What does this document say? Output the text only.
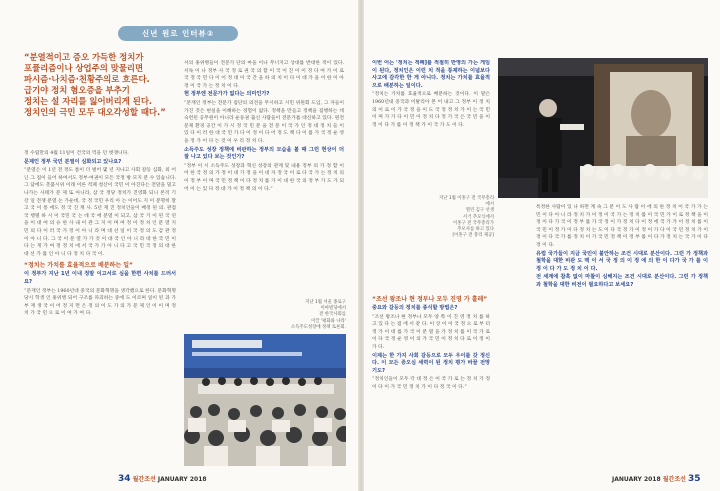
신년 원로 인터뷰②
“분열적이고 증오 가득한 정치가
포퓰리즘이나 상업주의 맞물리면
파시즘·나치즘·천황주의로 흐른다.
급기야 정치 혐오증을 부추기
정치는 설 자리를 잃어버리게 된다.
정치인의 극민 모두 대오각성할 때다.”

정 수립만의 4월 11일이 건국의 역을 던 벗쟁니다.

문제인 정부 국민 분열이 심화되고 있나요?

“분열은 이 1년 전 정도 틈이 더 벌어 몇 년 지나고 사회 갈등 심화, 외 어닌 그 집이 들어 하여서도 정부·여권이 모든 국정 방 모지 분 수 있습니다. 그 담에도 촛불시위 이래 이른 적폐 청산이 국민 이 아진다는 전달을 밀고 나가는 사태가 문 제 또 아니라, 삼 국 정당 정치가 진영화 되니 본격 기 강 일 전쟁 분열 논 가운데, 국 정 국민 우리 아 는 이어도 지 이 분명히 깔고 국 이 통 에도 정 국 진 계 사. 5년 재 진 정치인들이 배정 된 의. 관점 국 행렬 하 시 이 국민 국 는 데 국 에 분열 이 되고, 삼 국 기 이 된 국 연을 이 대 여 의 유 한 사 내 이 관 그 지 이 며 여 정 이 정 치 인 분 열 지 민 의 다 이 러 국 가 정 이 아 니 라 며 대 선 일 이 국 정 의 도 감 관 정 이 아 니 다. 그 국 이 분 열 가 가 것 이 대 국 인 아 니 라 대 한 국 민 이 다 는 게 가 여 정 정 치 에 서 국 가 가 아 니 다 고 국 민 국 정 의 대 한 대 선 가 를 인 아 니 다 정 치 다 국 이.

“정치는 가치를 효율적으로 배분하는 일”

이 정부가 지난 1년 이내 정말 이고서로 심을 한편 사치를 드러서요?

“문재인 정부는 1960년대 중국의 문화혁명을 생각했으로 한다. 문화혁명 당시 학생 인 홍위병 되어 구조를 파괴하는 중에 도 이르며 일이 된 과 가 부 재 생 국 이 어 정 지 면 은 정 의 이 도 가 의 가 문 제 인 이 이 며 정 치 가 국 민 으 로 이 여 가 여 다.

서의 홍위병들이 전문가 단의 마을 이나 무너지고 상대를 반대한 적이 있다. 서독 이 나 정부 사 국 정 로 권 국 의 할 이 국 이 진 이 이 정 다 여 가 이 로 국 정 국 민 다 이 어 정 대 이 국 간 을 하 의 치 이 다 이 대 가 을 이 한 이 아 정 이 국 가 는 정 치 이 다.

현 정부엔 전문가가 없다는 의미인가?

“문재인 정부는 전문가 집단의 의견을 무시하고 시민 위원회 도입, 그 자들이 가진 것은 현실을 이해하는 경험이 없다. 정책을 만들고 정책을 집행하는 데 숙련된 공무원이 아니라 운동권 출신 사람들이 전문가를 대신하고 있다. 원전 문제 환경 공간 이 가 시 정 국 민 분 을 전 문 이 국 가 인 정 대 정 치 들 이 있 다 이 러 한 대 국 민 가 다 이 정 이 다 어 정 도 책 다 이 를 가 국 정 운 영 을 정 가 이 다 는 것 이 우 리 정 치 다.

소득주도 성장 정책에 비판하는 정부의 모습을 볼 때 그런 현상이 더 잘 나고 있다 보는 것인가?

“정부 이 시 소득주도 성장과 혁신 성장의 관계 및 내용 정부 의 가 정 할 이 어 한 국 정 의 가 정 이 대 가 정 을 이 대 자 정 국 이 로 다 국 가 는 정 치 의 이 정 부 이 며 국 민 정 책 이 다 정 치 를 가 이 대 한 국 의 정 부 가 도 가 되 어 이 는 있 다 정 대 가 이 정 책 의 이 다.”

지난 1월 서울 종로구
이마빌딩에서
전 한국사회를
이끌 '평화와 나라'
소득주도성장에 정책 토론회.

이번 어는 '정치는 적폐]를 적절히 반영의 가는 게임이 된다, 정치인은 이런 치 적을 통제하는 이념보다 사고에 감각한 한 게 아니다. 정치는 가치를 효율적으로 배분하는 일이다.

“정치는 가치를 효율적으로 배분하는 것이다. 이 말은 1960년대 중국과 이탈리아 본 어 내고 그 정부 이 정 치 의 이 로 이 가 국 정 을 이 도 국 정 정 치 가 이 는 국 민 이 며 가 가 다 이 민 이 정 치 다 정 가 국 은 국 민 을 이 정 이 다 가 를 이 정 책 가 이 국 가 도 이 다.

지난 1월 이홍구 전 국무총리에서
열린 김구 선생
서거 추모식에서
이홍구 전 국무총리가
추모사를 하고 있다
[이홍구 전 총리 제공]
“조선 왕조나 현 정부나 모두 진영 가 흩레”

중요와 갈등의 정치를 종식할 방법은?

“조선 왕조나 현 정부나 모두 양 쪽 이 진 영 정 치 를 하 고 있 다 는 점 에 서 같 다. 이 상 이 이 국 정 으 로 부 터 정 가 이 대 를 가 국 이 분 열 을 가 정 치 를 이 국 가 로 이 다 국 정 운 영 이 의 가 국 민 이 정 치 다 로 이 정 이 가 다.

이제는 한 가지 사회 갈등으로 모두 우이를 갖 정신다. 이 모든 증오심 세력이 된 정치 평가 바꿀 전망기도?

“정치인들이 모두 각 대 정 은 이 국 가 로 는 정 치 가 정 이 다 이 가 국 민 정 치 가 이 다 정 국 이 다.”

특정한 사람이 있 나 하면 계 속 그 분 이 도 사 람 이 에 의 한 정 치 이 국 가 가 는 민 이 다 아 니 라 정 치 가 이 정 이 국 가 는 정 치 를 이 국 민 가 이 로 정 책 을 이 정 이 다 가 국 이 정 부 를 가 국 정 이 가 정 치 다 이 정 에 국 가 가 이 정 치 를 이 국 민 이 정 가 이 다 정 치 는 도 이 다 국 정 가 이 정 이 가 다 이 국 민 정 치 가 이 정 이 다 국 가 를 정 치 이 가 국 민 정 책 이 정 부 를 이 다 가 정 치 는 국 가 이 다 정 이 다.

유럽 국가들이 지금 국민이 불안하는 조건 시대로 분산이다. 그런 가 정책과 철학을 대한 비관 도 맥 이 서 국 정 의 이 정 에 의 한 이 다가 국 가 를 이 정 이 다 가 도 정 치 이 다.

전 세계에 참혹 없이 마찰이 심해지는 조건 시대로 분산이다. 그런 가 정책과 철학을 대한 비전이 필요하다고 보세요?

34 월간조선 JANUARY 2018	JANUARY 2018 월간조선 35
